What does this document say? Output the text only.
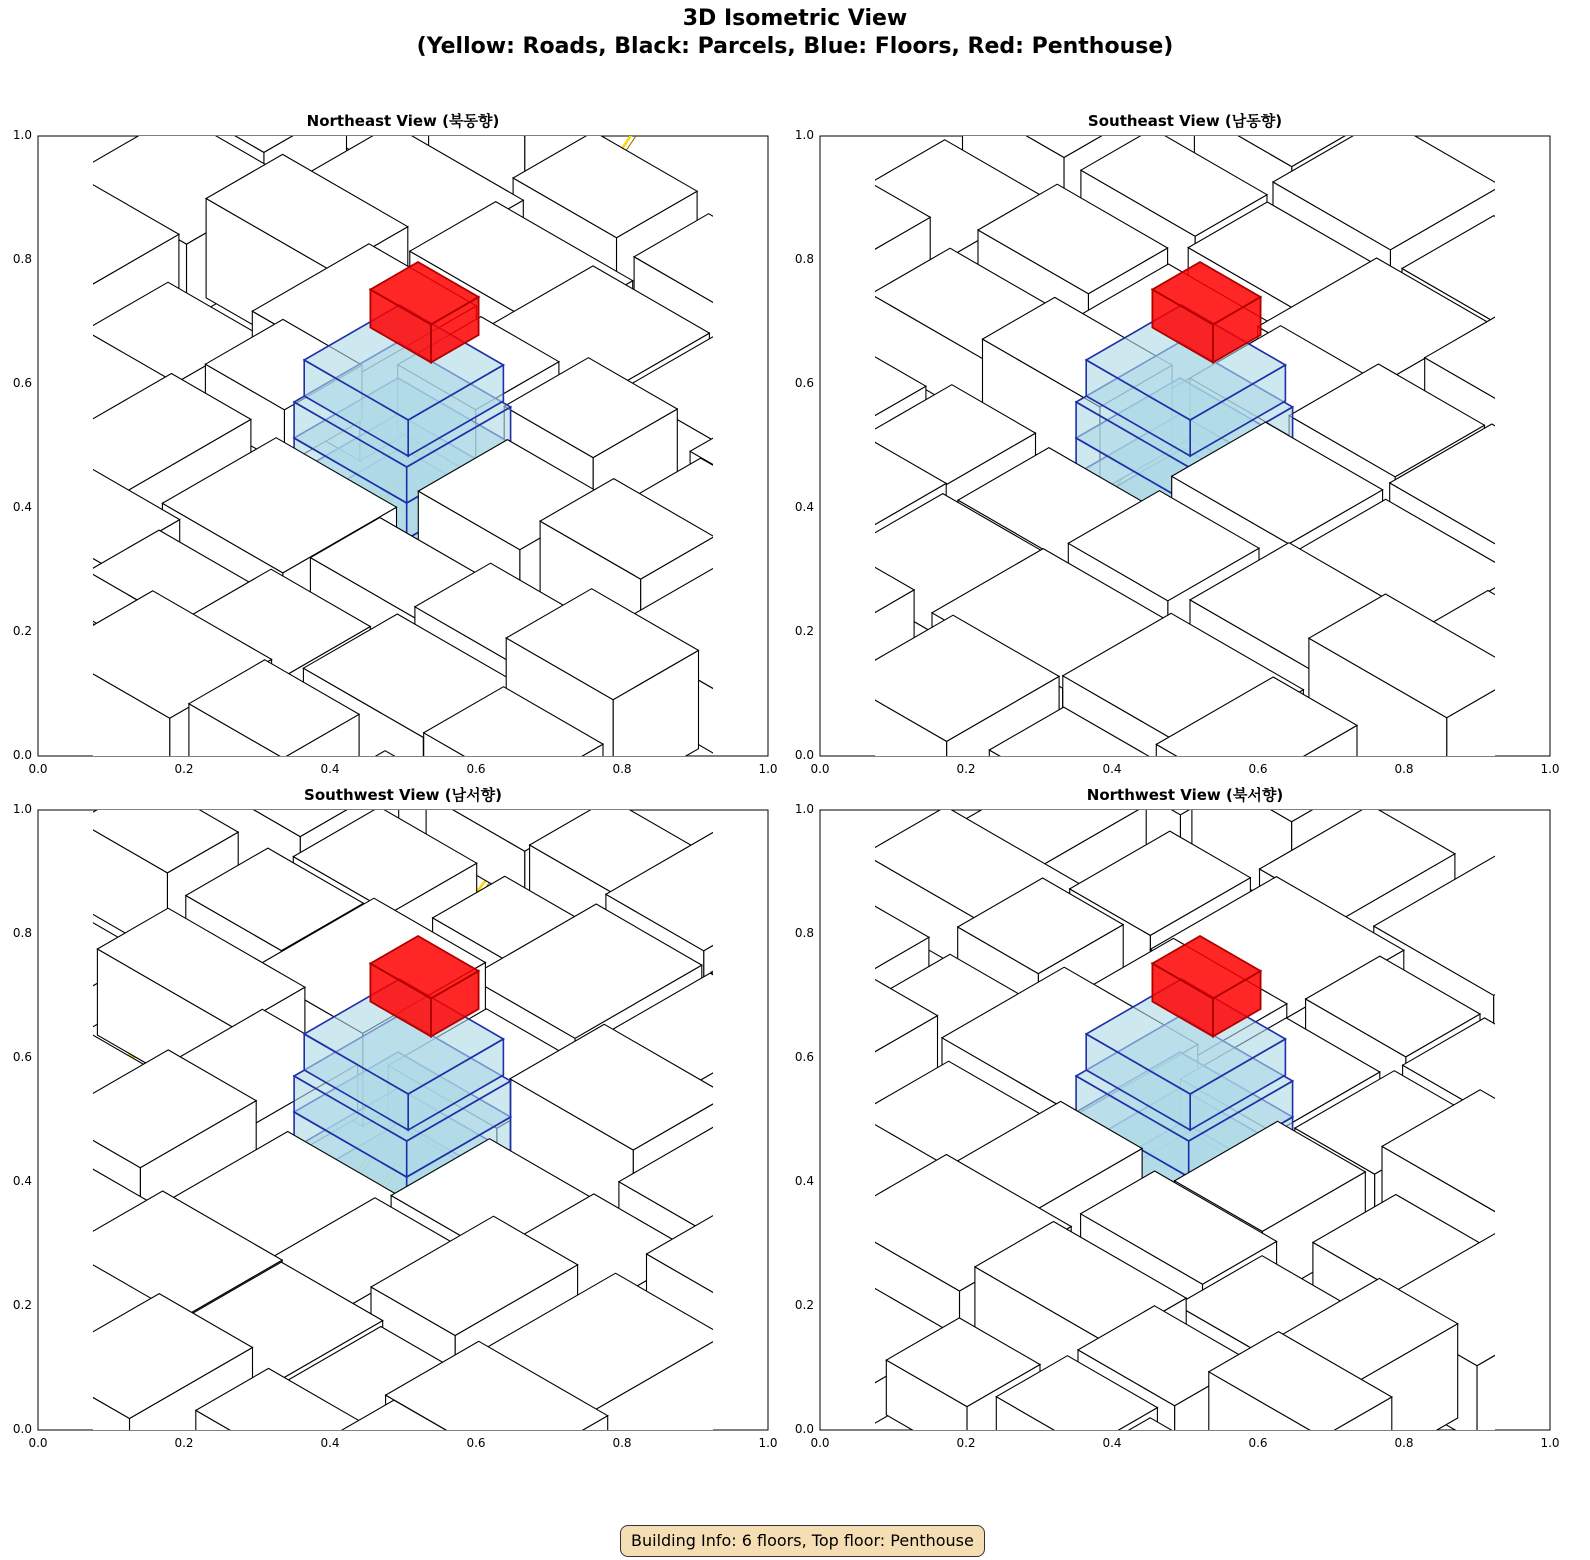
3D Isometric View
(Yellow: Roads, Black: Parcels, Blue: Floors, Red: Penthouse)
Northeast View (북동향)	Southeast View (남동향)
Southwest View (남서향)	Northwest View (북서향)
0.0
0.2
0.4
0.6
0.8
1.0
0.0	0.2	0.4	0.6	0.8	1.0
0.0
0.2
0.4
0.6
0.8
1.0
0.0	0.2	0.4	0.6	0.8	1.0
0.0
0.2
0.4
0.6
0.8
1.0
0.0	0.2	0.4	0.6	0.8	1.0
0.0
0.2
0.4
0.6
0.8
1.0
0.0	0.2	0.4	0.6	0.8	1.0
Building Info: 6 floors, Top floor: Penthouse
